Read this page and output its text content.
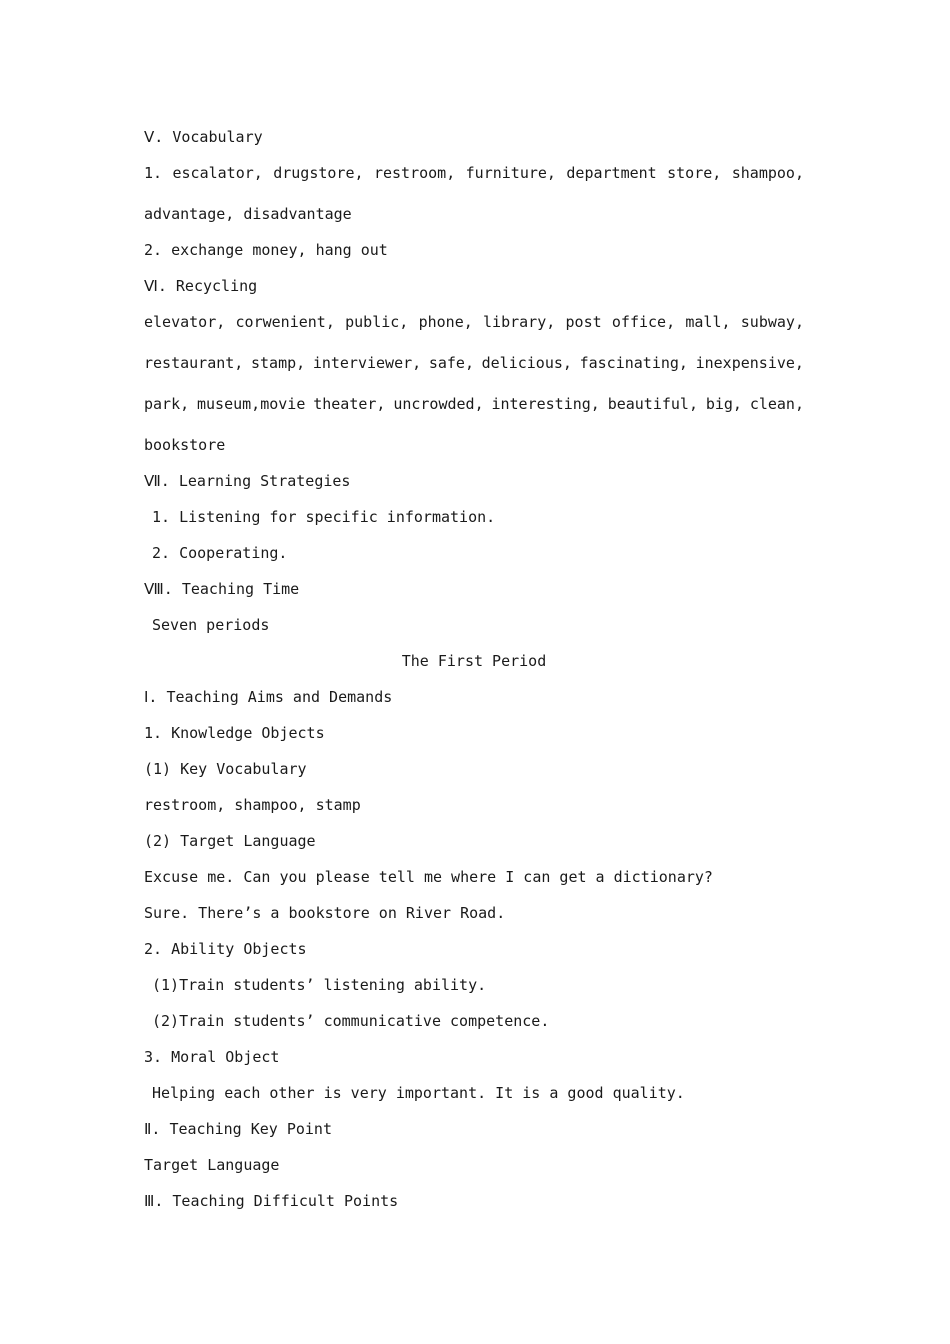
Ⅴ. Vocabulary
1. escalator, drugstore, restroom, furniture, department store, shampoo,
advantage, disadvantage
2. exchange money, hang out
Ⅵ. Recycling
elevator, corwenient, public, phone, library, post office, mall, subway,
restaurant, stamp, interviewer, safe, delicious, fascinating, inexpensive,
park, museum,movie theater, uncrowded, interesting, beautiful, big, clean,
bookstore
Ⅶ. Learning Strategies
1. Listening for specific information.
2. Cooperating.
Ⅷ. Teaching Time
Seven periods
The First Period
Ⅰ. Teaching Aims and Demands
1. Knowledge Objects
(1) Key Vocabulary
restroom, shampoo, stamp
(2) Target Language
Excuse me. Can you please tell me where I can get a dictionary?
Sure. There’s a bookstore on River Road.
2. Ability Objects
(1)Train students’ listening ability.
(2)Train students’ communicative competence.
3. Moral Object
Helping each other is very important. It is a good quality.
Ⅱ. Teaching Key Point
Target Language
Ⅲ. Teaching Difficult Points
